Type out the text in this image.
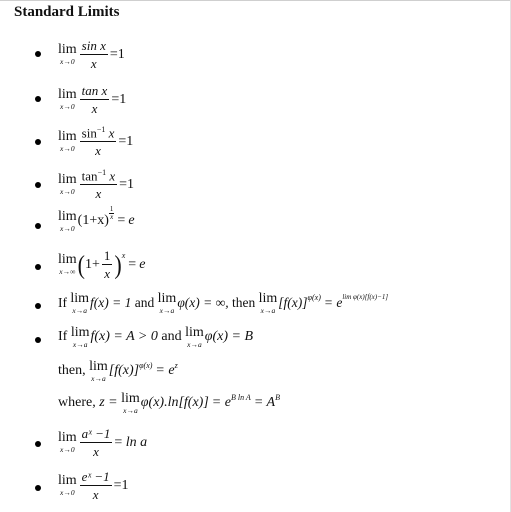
Standard Limits
lim
$x\to 0 \frac{\text{sin x}}{x} = 1$
lim
$x\to 0 \frac{\text{tan x}}{x} = 1$
lim
$x\to 0 \frac{\sin^{-1} x}{x} = 1$
lim
$x\to 0 \frac{\tan^{-1} x}{x} = 1$
lim
x→0
$(1+x) \frac{1}{x} = e$
lim
x→∞ ( $1+ \frac{1}{x}$ ) x
= e
If
lim
x→a
f(x) = 1
and
lim
x→a
φ(x) = ∞,
then
lim
x→a
[f(x)] φ(x) = e lim φ(x)[f(x)−1]
If
lim
x→a
f(x) = A > 0
and
lim
x→a
φ(x) = B
then,
lim
x→a
[f(x)] φ(x) = e z
where,
z =
lim
x→a
φ(x).ln [f(x)] = e B ln A = A B
lim
$x\to 0 \frac{\text{aˣ −1}}{x}$ =
ln a
lim
$x\to 0 \frac{\text{eˣ −1}}{x} = 1$
